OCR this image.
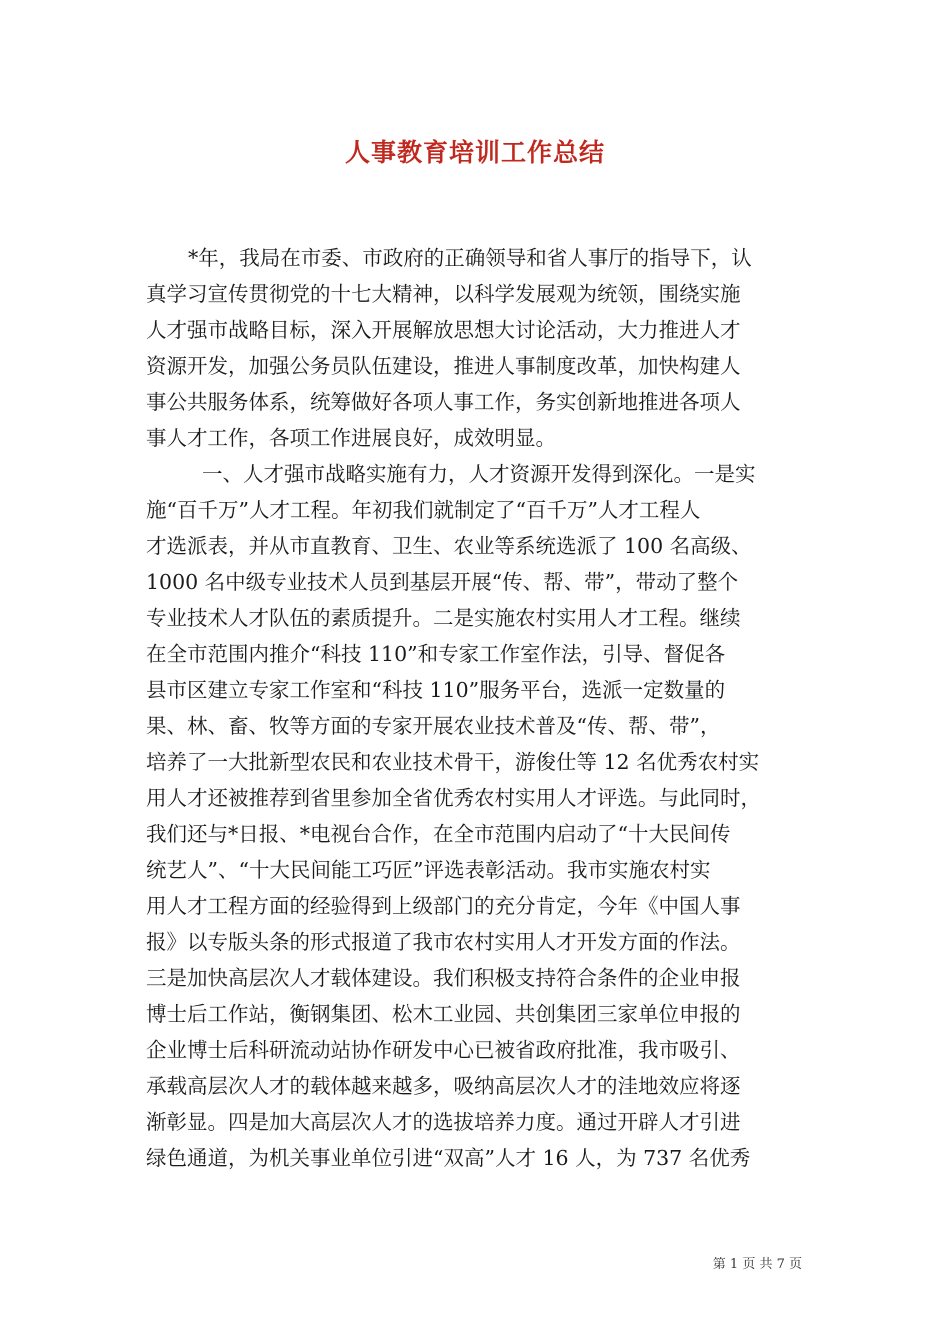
人事教育培训工作总结
*年，我局在市委、市政府的正确领导和省人事厅的指导下，认
真学习宣传贯彻党的十七大精神，以科学发展观为统领，围绕实施
人才强市战略目标，深入开展解放思想大讨论活动，大力推进人才
资源开发，加强公务员队伍建设，推进人事制度改革，加快构建人
事公共服务体系，统筹做好各项人事工作，务实创新地推进各项人
事人才工作，各项工作进展良好，成效明显。
一、人才强市战略实施有力，人才资源开发得到深化。一是实
施“百千万”人才工程。年初我们就制定了“百千万”人才工程人
才选派表，并从市直教育、卫生、农业等系统选派了 100 名高级、
1000 名中级专业技术人员到基层开展“传、帮、带”，带动了整个
专业技术人才队伍的素质提升。二是实施农村实用人才工程。继续
在全市范围内推介“科技 110”和专家工作室作法，引导、督促各
县市区建立专家工作室和“科技 110”服务平台，选派一定数量的
果、林、畜、牧等方面的专家开展农业技术普及“传、帮、带”，
培养了一大批新型农民和农业技术骨干，游俊仕等 12 名优秀农村实
用人才还被推荐到省里参加全省优秀农村实用人才评选。与此同时，
我们还与*日报、*电视台合作，在全市范围内启动了“十大民间传
统艺人”、“十大民间能工巧匠”评选表彰活动。我市实施农村实
用人才工程方面的经验得到上级部门的充分肯定，今年《中国人事
报》以专版头条的形式报道了我市农村实用人才开发方面的作法。
三是加快高层次人才载体建设。我们积极支持符合条件的企业申报
博士后工作站，衡钢集团、松木工业园、共创集团三家单位申报的
企业博士后科研流动站协作研发中心已被省政府批准，我市吸引、
承载高层次人才的载体越来越多，吸纳高层次人才的洼地效应将逐
渐彰显。四是加大高层次人才的选拔培养力度。通过开辟人才引进
绿色通道，为机关事业单位引进“双高”人才 16 人，为 737 名优秀
第 1 页 共 7 页
